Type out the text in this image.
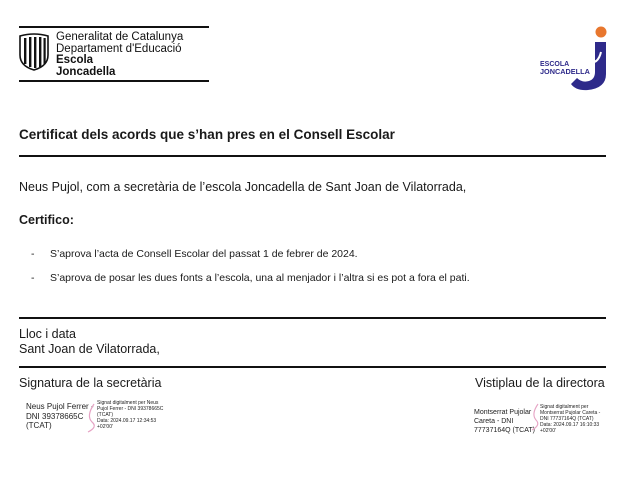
Generalitat de Catalunya
Departament d'Educació
Escola
Joncadella
ESCOLA
JONCADELLA
Certificat dels acords que s’han pres en el Consell Escolar
Neus Pujol, com a secretària de l’escola Joncadella de Sant Joan de Vilatorrada,
Certifico:
- S’aprova l’acta de Consell Escolar del passat 1 de febrer de 2024.
- S’aprova de posar les dues fonts a l’escola, una al menjador i l’altra si es pot a fora el pati.
Lloc i data
Sant Joan de Vilatorrada,
Signatura de la secretària	Vistiplau de la directora
Neus Pujol Ferrer -
DNI 39378665C
(TCAT)
Signat digitalment per Neus
Pujol Ferrer - DNI 39378665C
(TCAT)
Data: 2024.09.17 12:34:53
+02'00'
Montserrat Pujolar
Careta - DNI
77737164Q (TCAT)
Signat digitalment per
Montserrat Pujolar Careta -
DNI 77737164Q (TCAT)
Data: 2024.09.17 16:10:33
+02'00'
